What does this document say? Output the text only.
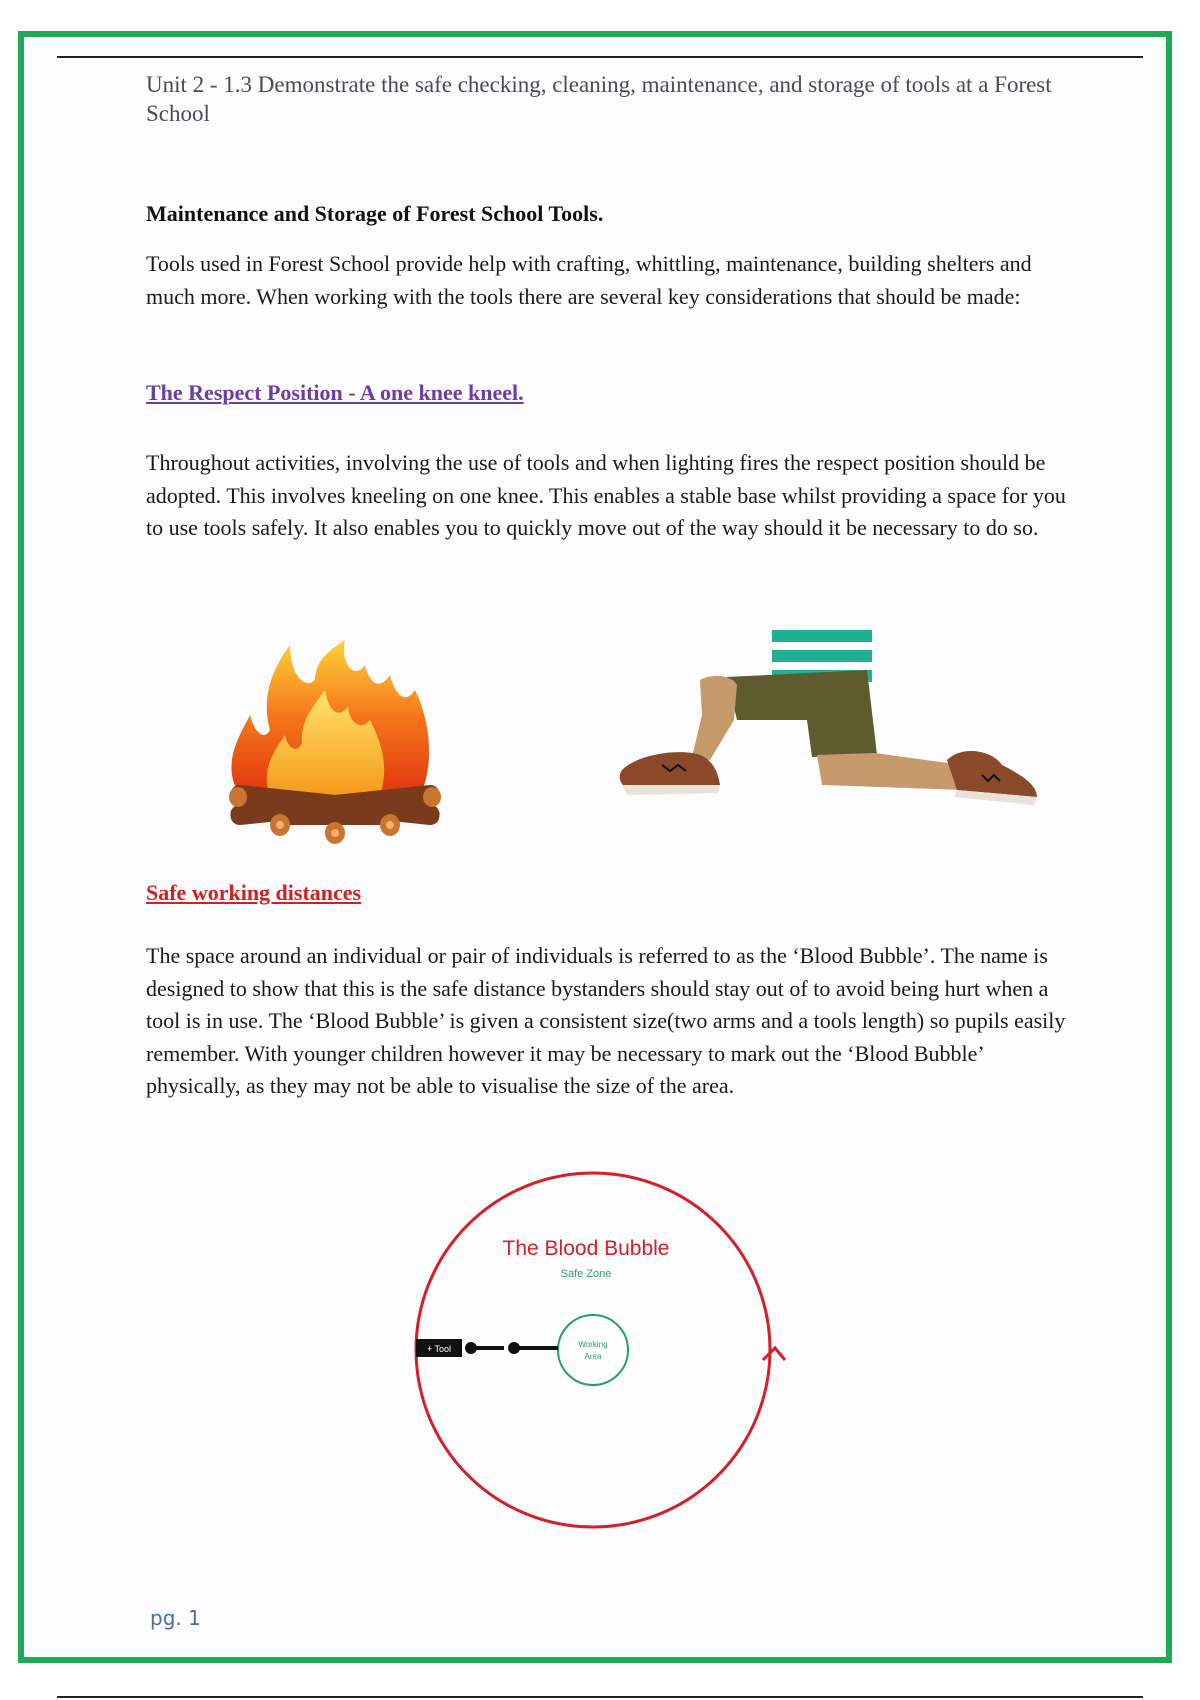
Unit 2 - 1.3 Demonstrate the safe checking, cleaning, maintenance, and storage of tools at a Forest School
Maintenance and Storage of Forest School Tools.
Tools used in Forest School provide help with crafting, whittling, maintenance, building shelters and much more. When working with the tools there are several key considerations that should be made:
The Respect Position - A one knee kneel.
Throughout activities, involving the use of tools and when lighting fires the respect position should be adopted. This involves kneeling on one knee. This enables a stable base whilst providing a space for you to use tools safely. It also enables you to quickly move out of the way should it be necessary to do so.
Safe working distances
The space around an individual or pair of individuals is referred to as the ‘Blood Bubble’. The name is designed to show that this is the safe distance bystanders should stay out of to avoid being hurt when a tool is in use. The ‘Blood Bubble’ is given a consistent size(two arms and a tools length) so pupils easily remember. With younger children however it may be necessary to mark out the ‘Blood Bubble’ physically, as they may not be able to visualise the size of the area.
The Blood Bubble
Safe Zone
Working
Area
+ Tool
pg. 1
